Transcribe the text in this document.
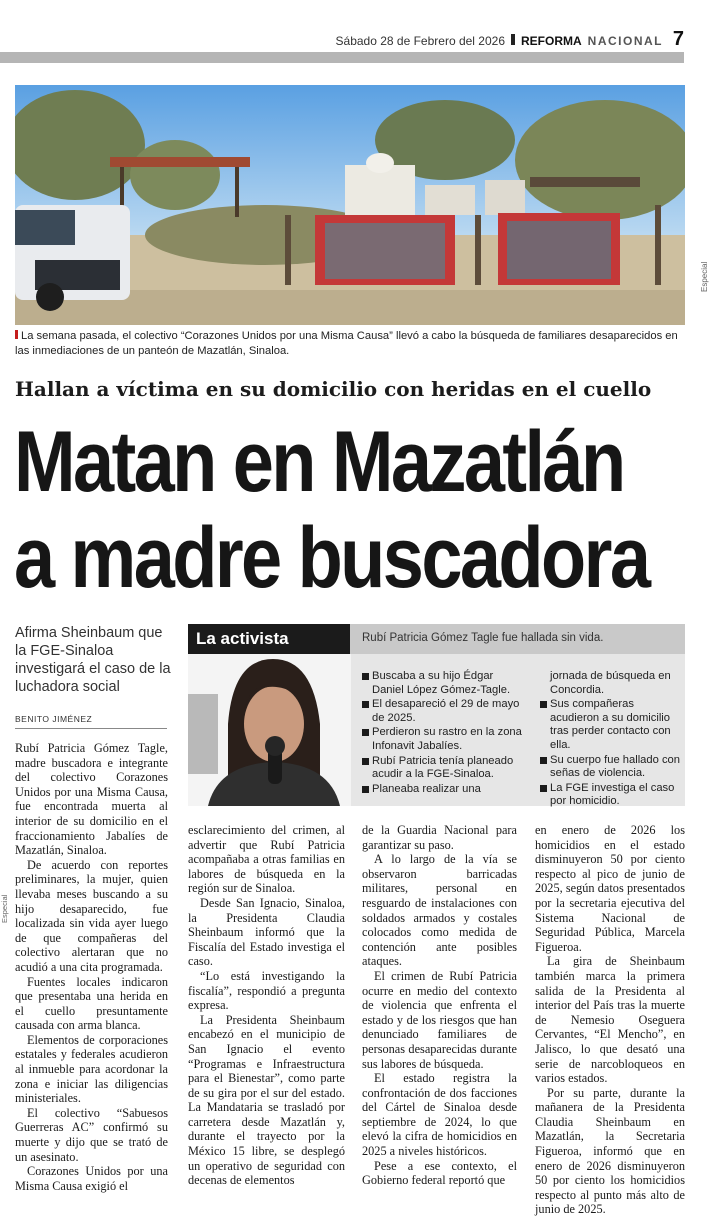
Sábado 28 de Febrero del 2026 REFORMA NACIONAL 7
Especial
La semana pasada, el colectivo “Corazones Unidos por una Misma Causa” llevó a cabo la búsqueda de familiares desaparecidos en las inmediaciones de un panteón de Mazatlán, Sinaloa.
Hallan a víctima en su domicilio con heridas en el cuello
Matan en Mazatlán
a madre buscadora
Afirma Sheinbaum que la FGE-Sinaloa investigará el caso de la luchadora social
BENITO JIMÉNEZ
Especial

Rubí Patricia Gómez Tagle, madre buscadora e integrante del colectivo Corazones Unidos por una Misma Causa, fue encontrada muerta al interior de su domicilio en el fraccionamiento Jabalíes de Mazatlán, Sinaloa.

De acuerdo con reportes preliminares, la mujer, quien llevaba meses buscando a su hijo desaparecido, fue localizada sin vida ayer luego de que compañeras del colectivo alertaran que no acudió a una cita programada.

Fuentes locales indicaron que presentaba una herida en el cuello presuntamente causada con arma blanca.

Elementos de corporaciones estatales y federales acudieron al inmueble para acordonar la zona e iniciar las diligencias ministeriales.

El colectivo “Sabuesos Guerreras AC” confirmó su muerte y dijo que se trató de un asesinato.

Corazones Unidos por una Misma Causa exigió el

La activista	Rubí Patricia Gómez Tagle fue hallada sin vida.
Buscaba a su hijo Édgar Daniel López Gómez-Tagle.
El desapareció el 29 de mayo de 2025.
Perdieron su rastro en la zona Infonavit Jabalíes.
Rubí Patricia tenía planeado acudir a la FGE-Sinaloa.
Planeaba realizar una
jornada de búsqueda en Concordia.
Sus compañeras acudieron a su domicilio tras perder contacto con ella.
Su cuerpo fue hallado con señas de violencia.
La FGE investiga el caso por homicidio.

esclarecimiento del crimen, al advertir que Rubí Patricia acompañaba a otras familias en labores de búsqueda en la región sur de Sinaloa.

Desde San Ignacio, Sinaloa, la Presidenta Claudia Sheinbaum informó que la Fiscalía del Estado investiga el caso.

“Lo está investigando la fiscalía”, respondió a pregunta expresa.

La Presidenta Sheinbaum encabezó en el municipio de San Ignacio el evento “Programas e Infraestructura para el Bienestar”, como parte de su gira por el sur del estado. La Mandataria se trasladó por carretera desde Mazatlán y, durante el trayecto por la México 15 libre, se desplegó un operativo de seguridad con decenas de elementos

de la Guardia Nacional para garantizar su paso.

A lo largo de la vía se observaron barricadas militares, personal en resguardo de instalaciones con soldados armados y costales colocados como medida de contención ante posibles ataques.

El crimen de Rubí Patricia ocurre en medio del contexto de violencia que enfrenta el estado y de los riesgos que han denunciado familiares de personas desaparecidas durante sus labores de búsqueda.

El estado registra la confrontación de dos facciones del Cártel de Sinaloa desde septiembre de 2024, lo que elevó la cifra de homicidios en 2025 a niveles históricos.

Pese a ese contexto, el Gobierno federal reportó que

en enero de 2026 los homicidios en el estado disminuyeron 50 por ciento respecto al pico de junio de 2025, según datos presentados por la secretaria ejecutiva del Sistema Nacional de Seguridad Pública, Marcela Figueroa.

La gira de Sheinbaum también marca la primera salida de la Presidenta al interior del País tras la muerte de Nemesio Oseguera Cervantes, “El Mencho”, en Jalisco, lo que desató una serie de narcobloqueos en varios estados.

Por su parte, durante la mañanera de la Presidenta Claudia Sheinbaum en Mazatlán, la Secretaria Figueroa, informó que en enero de 2026 disminuyeron 50 por ciento los homicidios respecto al punto más alto de junio de 2025.
